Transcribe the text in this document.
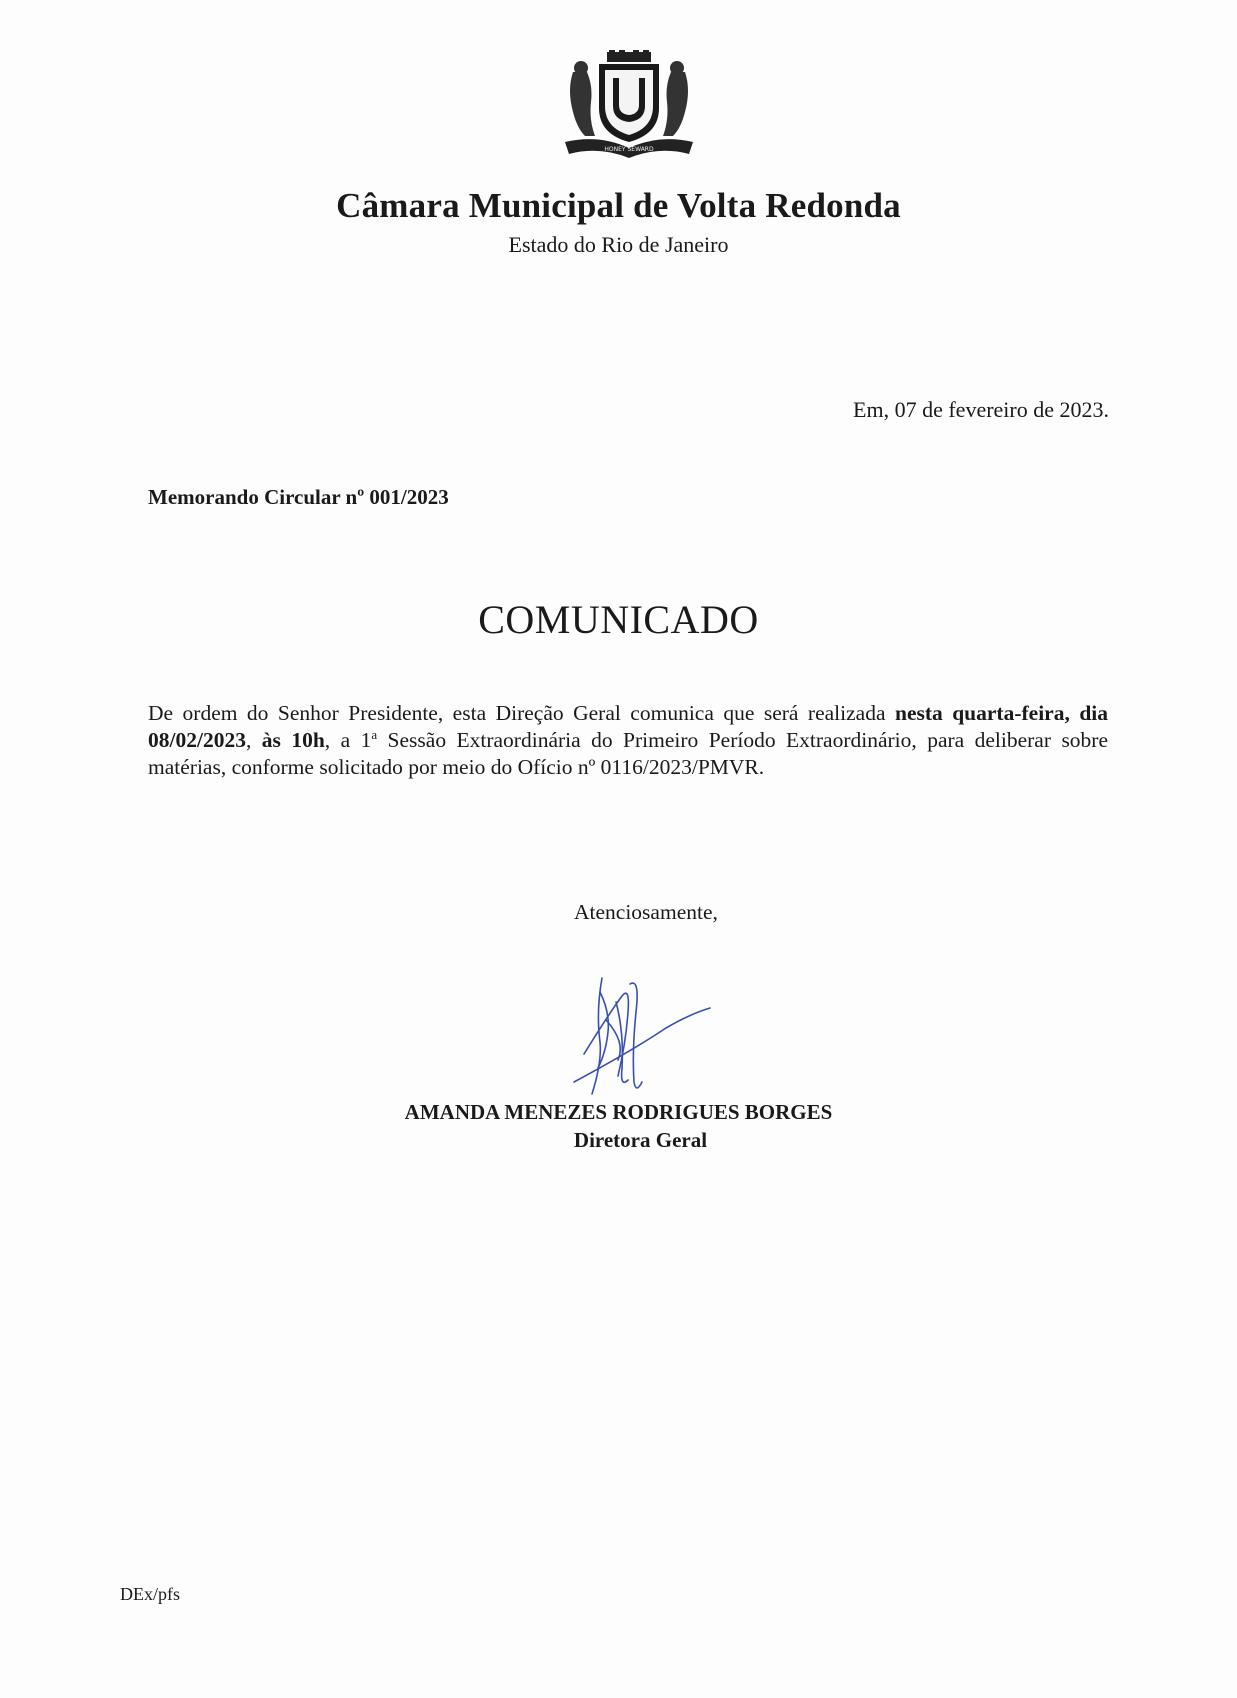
HONEY SEWARD
Câmara Municipal de Volta Redonda
Estado do Rio de Janeiro
Em, 07 de fevereiro de 2023.
Memorando Circular nº 001/2023
COMUNICADO
De ordem do Senhor Presidente, esta Direção Geral comunica que será realizada nesta quarta-feira, dia 08/02/2023, às 10h, a 1$^a$ Sessão Extraordinária do Primeiro Período Extraordinário, para deliberar sobre matérias, conforme solicitado por meio do Ofício nº 0116/2023/PMVR.
Atenciosamente,
AMANDA MENEZES RODRIGUES BORGES
Diretora Geral
DEx/pfs
